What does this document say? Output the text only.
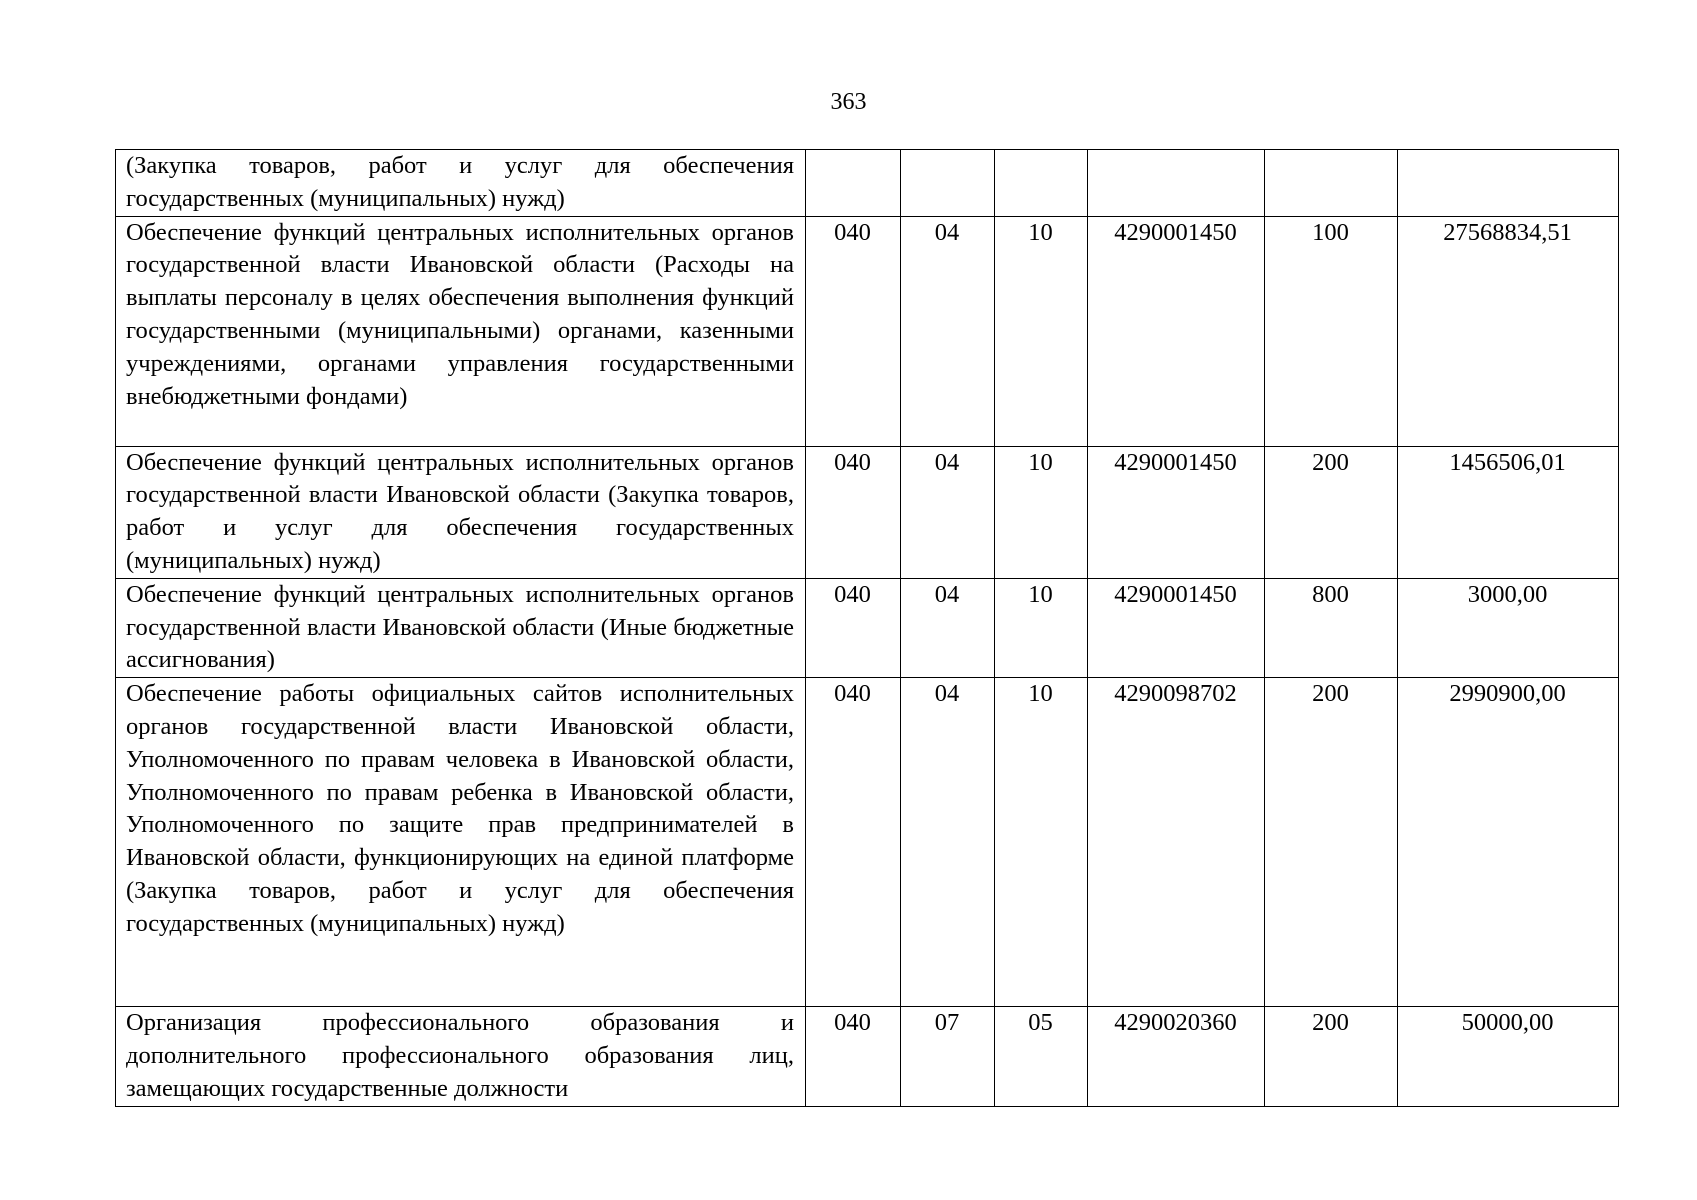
363
(Закупка товаров, работ и услуг для обеспечения государственных (муниципальных) нужд)						
Обеспечение функций центральных исполнительных органов государственной власти Ивановской области (Расходы на выплаты персоналу в целях обеспечения выполнения функций государственными (муниципальными) органами, казенными учреждениями, органами управления государственными внебюджетными фондами)	040	04	10	4290001450	100	27568834,51
Обеспечение функций центральных исполнительных органов государственной власти Ивановской области (Закупка товаров, работ и услуг для обеспечения государственных (муниципальных) нужд)	040	04	10	4290001450	200	1456506,01
Обеспечение функций центральных исполнительных органов государственной власти Ивановской области (Иные бюджетные ассигнования)	040	04	10	4290001450	800	3000,00
Обеспечение работы официальных сайтов исполнительных органов государственной власти Ивановской области, Уполномоченного по правам человека в Ивановской области, Уполномоченного по правам ребенка в Ивановской области, Уполномоченного по защите прав предпринимателей в Ивановской области, функционирующих на единой платформе (Закупка товаров, работ и услуг для обеспечения государственных (муниципальных) нужд)	040	04	10	4290098702	200	2990900,00
Организация профессионального образования и дополнительного профессионального образования лиц, замещающих государственные должности	040	07	05	4290020360	200	50000,00
